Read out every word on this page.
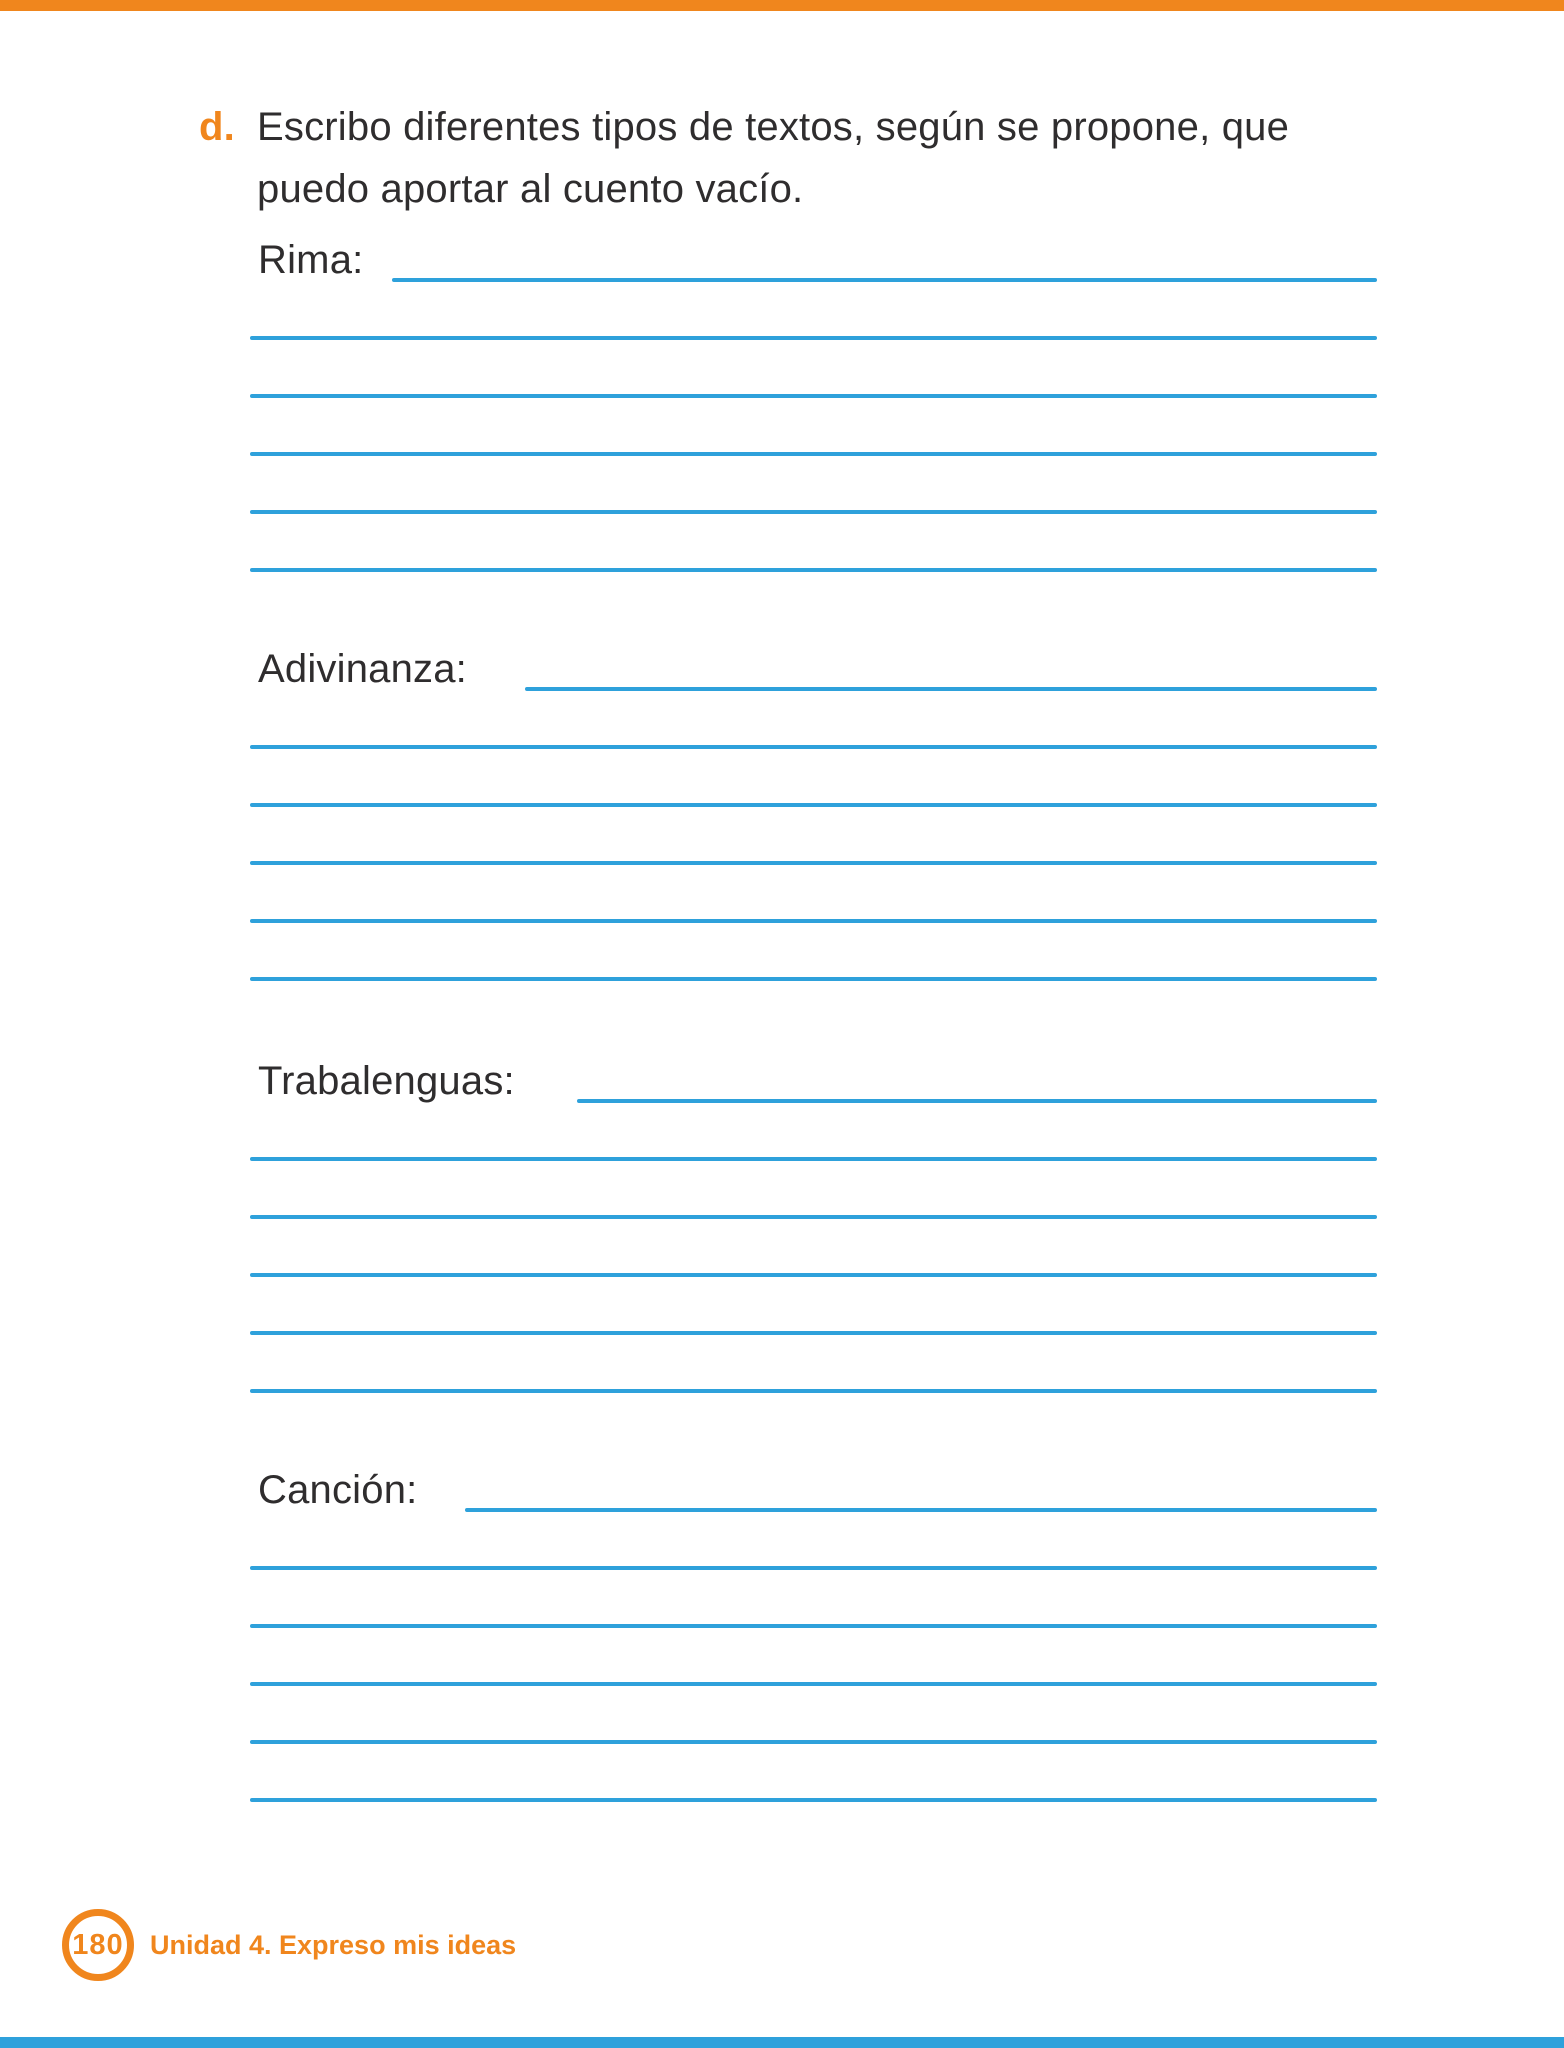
d. Escribo diferentes tipos de textos, según se propone, que
puedo aportar al cuento vacío.
Rima:
Adivinanza:
Trabalenguas:
Canción:
180 Unidad 4. Expreso mis ideas
